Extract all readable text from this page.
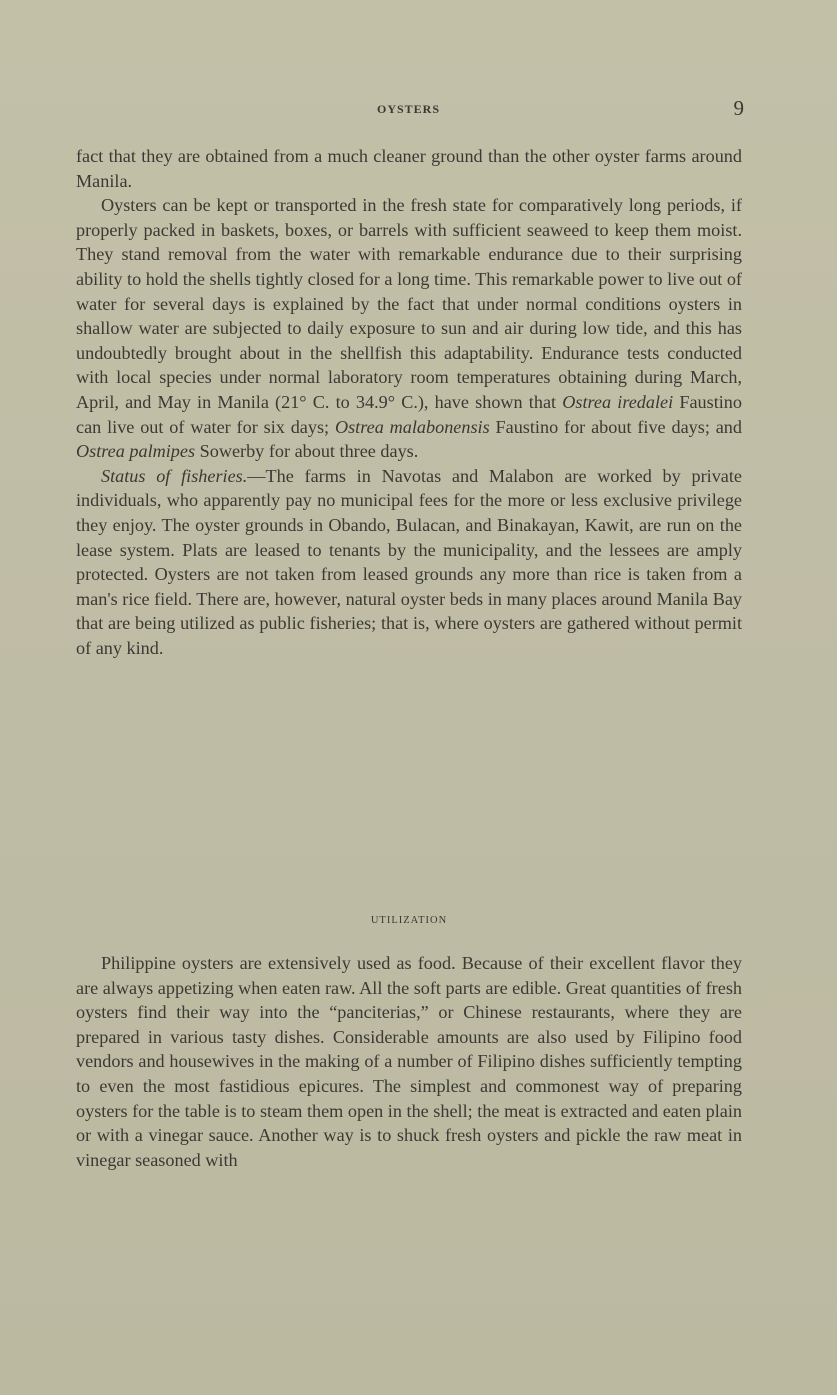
OYSTERS	9

fact that they are obtained from a much cleaner ground than the other oyster farms around Manila.

Oysters can be kept or transported in the fresh state for comparatively long periods, if properly packed in baskets, boxes, or barrels with sufficient seaweed to keep them moist. They stand removal from the water with remarkable endurance due to their surprising ability to hold the shells tightly closed for a long time. This remarkable power to live out of water for several days is explained by the fact that under normal conditions oysters in shallow water are subjected to daily exposure to sun and air during low tide, and this has undoubtedly brought about in the shellfish this adaptability. Endurance tests conducted with local species under normal laboratory room temperatures obtaining during March, April, and May in Manila (21° C. to 34.9° C.), have shown that Ostrea iredalei Faustino can live out of water for six days; Ostrea malabonensis Faustino for about five days; and Ostrea palmipes Sowerby for about three days.

Status of fisheries.—The farms in Navotas and Malabon are worked by private individuals, who apparently pay no municipal fees for the more or less exclusive privilege they enjoy. The oyster grounds in Obando, Bulacan, and Binakayan, Kawit, are run on the lease system. Plats are leased to tenants by the municipality, and the lessees are amply protected. Oysters are not taken from leased grounds any more than rice is taken from a man's rice field. There are, however, natural oyster beds in many places around Manila Bay that are being utilized as public fisheries; that is, where oysters are gathered without permit of any kind.

UTILIZATION

Philippine oysters are extensively used as food. Because of their excellent flavor they are always appetizing when eaten raw. All the soft parts are edible. Great quantities of fresh oysters find their way into the “panciterias,” or Chinese restaurants, where they are prepared in various tasty dishes. Considerable amounts are also used by Filipino food vendors and housewives in the making of a number of Filipino dishes sufficiently tempting to even the most fastidious epicures. The simplest and commonest way of preparing oysters for the table is to steam them open in the shell; the meat is extracted and eaten plain or with a vinegar sauce. Another way is to shuck fresh oysters and pickle the raw meat in vinegar seasoned with
